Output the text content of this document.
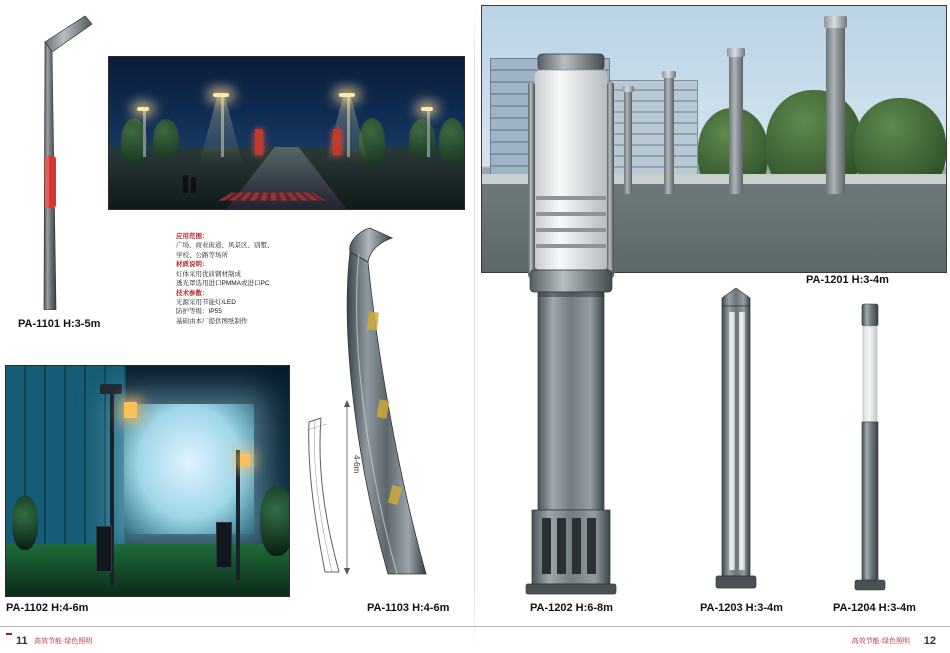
PA-1101 H:3-5m
应用范围：
广场、商业街道、风景区、别墅、
学校、公路等场所
材质说明：
灯体采用优质钢材制成
透光罩选用进口PMMA或进口PC
技术参数：
光源采用节能灯/LED
防护等级：IP55
基础由本厂提供图纸制作
PA-1102 H:4-6m
4-6m
PA-1103 H:4-6m
PA-1201 H:3-4m
PA-1202 H:6-8m	PA-1203 H:3-4m	PA-1204 H:3-4m
11 高效节能·绿色照明	高效节能·绿色照明 12
